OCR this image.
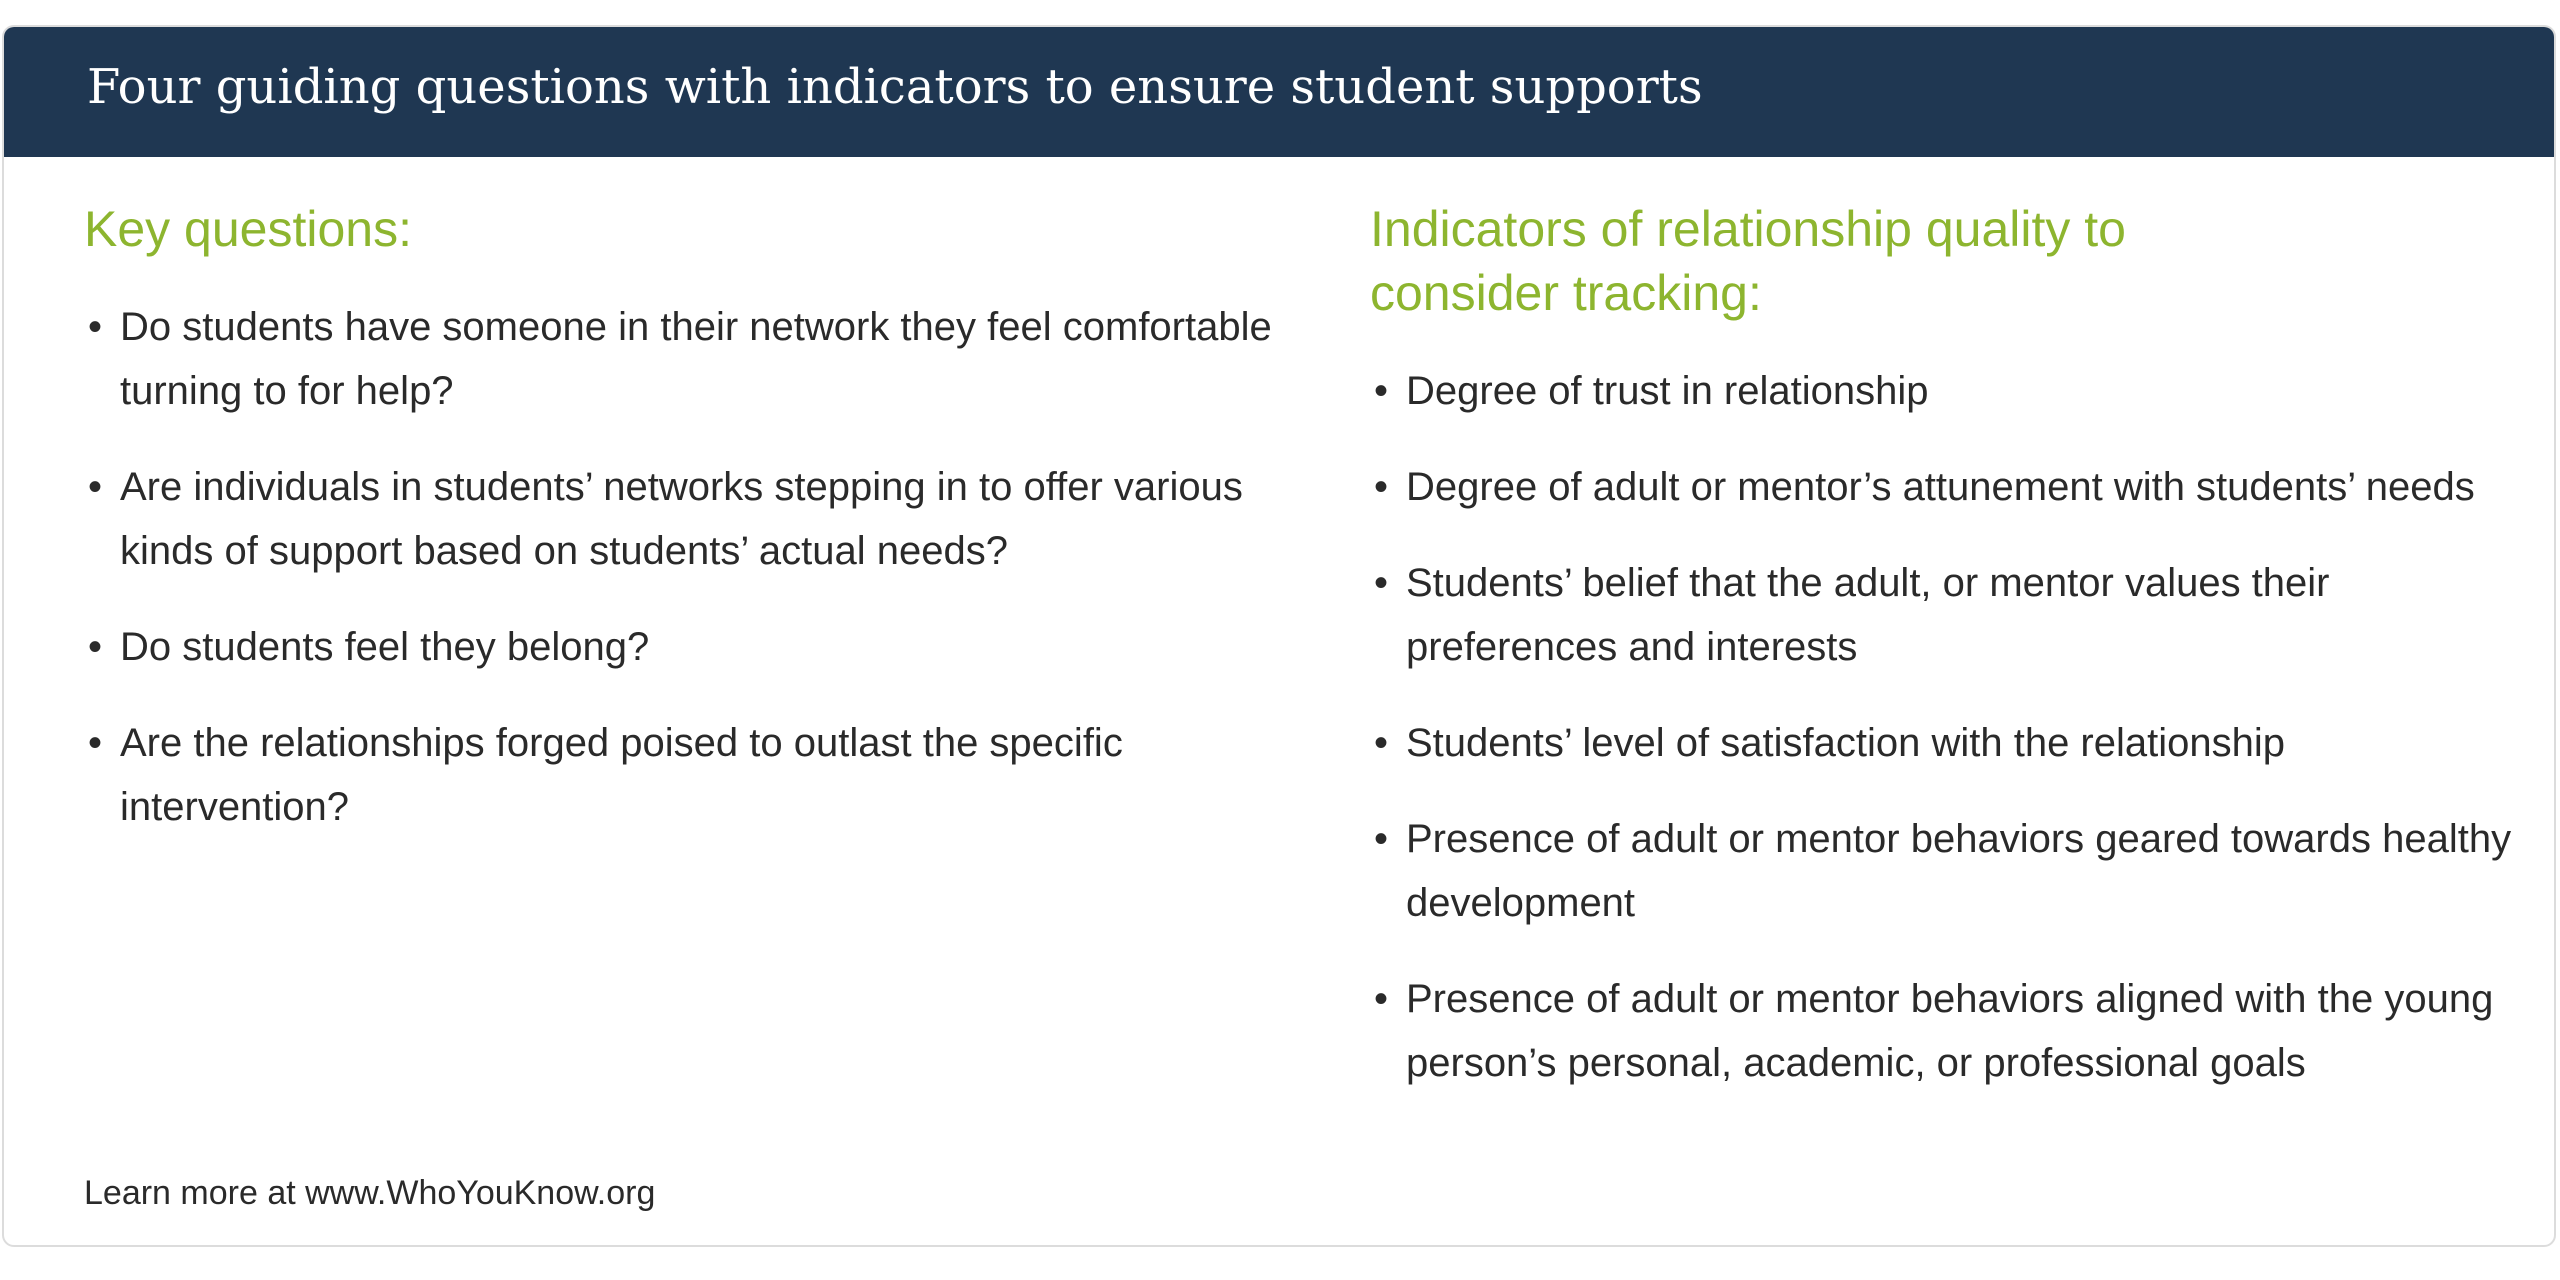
Four guiding questions with indicators to ensure student supports
Key questions:
• Do students have someone in their network they feel comfortable turning to for help?
• Are individuals in students’ networks stepping in to offer various kinds of support based on students’ actual needs?
• Do students feel they belong?
• Are the relationships forged poised to outlast the specific intervention?
Indicators of relationship quality to consider tracking:
• Degree of trust in relationship
• Degree of adult or mentor’s attunement with students’ needs
• Students’ belief that the adult, or mentor values their preferences and interests
• Students’ level of satisfaction with the relationship
• Presence of adult or mentor behaviors geared towards healthy development
• Presence of adult or mentor behaviors aligned with the young person’s personal, academic, or professional goals

Learn more at www.WhoYouKnow.org
